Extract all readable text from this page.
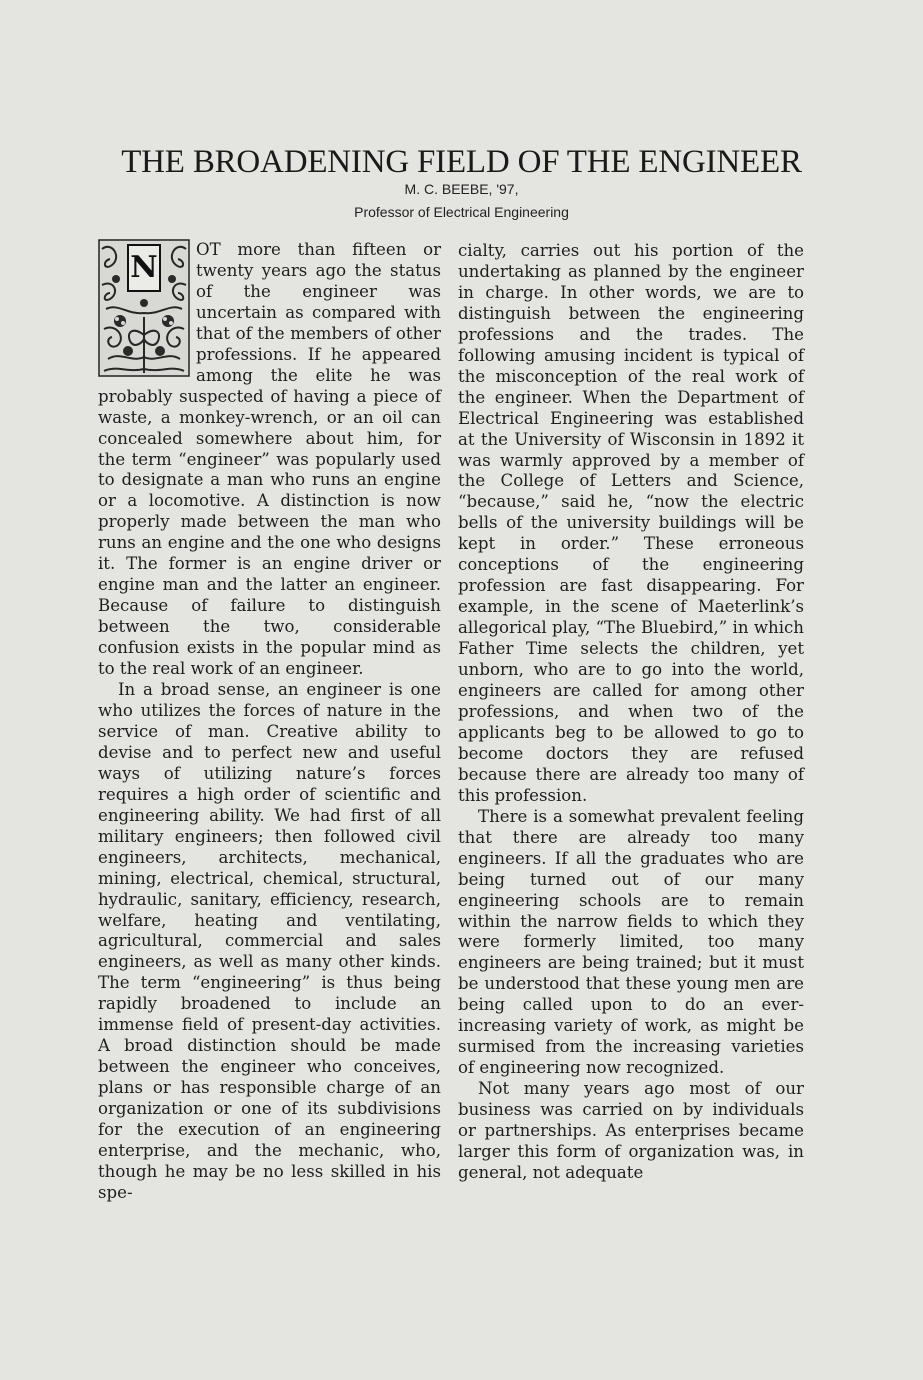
THE BROADENING FIELD OF THE ENGINEER
M. C. BEEBE, '97,
Professor of Electrical Engineering
N

OT more than fifteen or twenty years ago the status of the engineer was uncertain as compared with that of the members of other professions. If he appeared among the elite he was probably suspected of having a piece of waste, a monkey-wrench, or an oil can concealed somewhere about him, for the term “engineer” was popularly used to designate a man who runs an engine or a locomotive. A distinction is now properly made between the man who runs an engine and the one who designs it. The former is an engine driver or engine man and the latter an engineer. Because of failure to distinguish between the two, considerable confusion exists in the popular mind as to the real work of an engineer.

In a broad sense, an engineer is one who utilizes the forces of nature in the service of man. Creative ability to devise and to perfect new and useful ways of utilizing nature’s forces requires a high order of scientific and engineering ability. We had first of all military engineers; then followed civil engineers, architects, mechanical, mining, electrical, chemical, structural, hydraulic, sanitary, efficiency, research, welfare, heating and ventilating, agricultural, commercial and sales engineers, as well as many other kinds. The term “engineering” is thus being rapidly broadened to include an immense field of present-day activities. A broad distinction should be made between the engineer who conceives, plans or has responsible charge of an organization or one of its subdivisions for the execution of an engineering enterprise, and the mechanic, who, though he may be no less skilled in his spe-

cialty, carries out his portion of the undertaking as planned by the engineer in charge. In other words, we are to distinguish between the engineering professions and the trades. The following amusing incident is typical of the misconception of the real work of the engineer. When the Department of Electrical Engineering was established at the University of Wisconsin in 1892 it was warmly approved by a member of the College of Letters and Science, “because,” said he, “now the electric bells of the university buildings will be kept in order.” These erroneous conceptions of the engineering profession are fast disappearing. For example, in the scene of Maeterlink’s allegorical play, “The Bluebird,” in which Father Time selects the children, yet unborn, who are to go into the world, engineers are called for among other professions, and when two of the applicants beg to be allowed to go to become doctors they are refused because there are already too many of this profession.

There is a somewhat prevalent feeling that there are already too many engineers. If all the graduates who are being turned out of our many engineering schools are to remain within the narrow fields to which they were formerly limited, too many engineers are being trained; but it must be understood that these young men are being called upon to do an ever-increasing variety of work, as might be surmised from the increasing varieties of engineering now recognized.

Not many years ago most of our business was carried on by individuals or partnerships. As enterprises became larger this form of organization was, in general, not adequate
